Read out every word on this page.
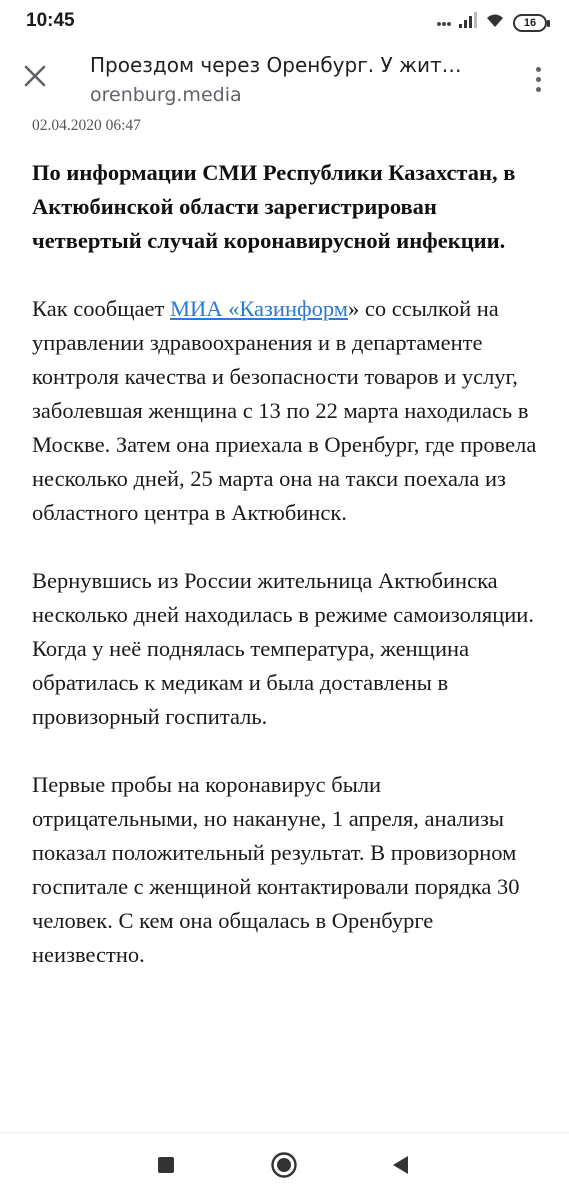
10:45	16
Проездом через Оренбург. У жит…
orenburg.media
02.04.2020 06:47
По информации СМИ Республики Казахстан, в Актюбинской области зарегистрирован четвертый случай коронавирусной инфекции.
Как сообщает МИА «Казинформ» со ссылкой на управлении здравоохранения и в департаменте контроля качества и безопасности товаров и услуг, заболевшая женщина с 13 по 22 марта находилась в Москве. Затем она приехала в Оренбург, где провела несколько дней, 25 марта она на такси поехала из областного центра в Актюбинск.
Вернувшись из России жительница Актюбинска несколько дней находилась в режиме самоизоляции. Когда у неё поднялась температура, женщина обратилась к медикам и была доставлены в провизорный госпиталь.
Первые пробы на коронавирус были отрицательными, но накануне, 1 апреля, анализы показал положительный результат. В провизорном госпитале с женщиной контактировали порядка 30 человек. С кем она общалась в Оренбурге неизвестно.
